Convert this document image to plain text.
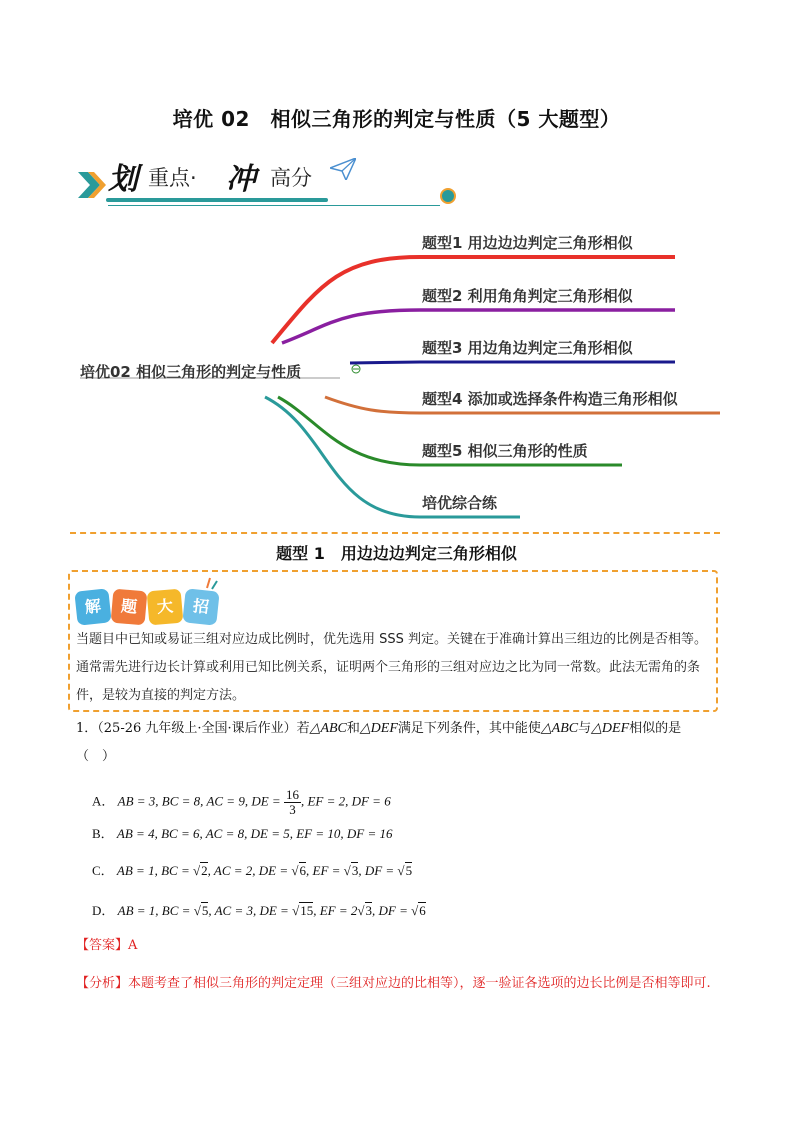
培优 02　相似三角形的判定与性质（5 大题型）
划 重点· 冲 高分
培优02 相似三角形的判定与性质
题型1 用边边边判定三角形相似
题型2 利用角角判定三角形相似
题型3 用边角边判定三角形相似
题型4 添加或选择条件构造三角形相似
题型5 相似三角形的性质
培优综合练
题型 1　用边边边判定三角形相似
解	题	大	招
当题目中已知或易证三组对应边成比例时，优先选用 SSS 判定。关键在于准确计算出三组边的比例是否相等。通常需先进行边长计算或利用已知比例关系，证明两个三角形的三组对应边之比为同一常数。此法无需角的条件，是较为直接的判定方法。
1．（25-26 九年级上·全国·课后作业）若△ABC和△DEF满足下列条件，其中能使△ABC与△DEF相似的是
（　）
A． AB = 3, BC = 8, AC = 9, DE = $\frac{16}{3}$ , EF = 2, DF = 6
B． AB = 4, BC = 6, AC = 8, DE = 5, EF = 10, DF = 16
C． AB = 1, BC = √2, AC = 2, DE = √6, EF = √3, DF = √5
D． AB = 1, BC = √5, AC = 3, DE = √15, EF = 2√3, DF = √6
【答案】A
【分析】本题考查了相似三角形的判定定理（三组对应边的比相等），逐一验证各选项的边长比例是否相等即可.
